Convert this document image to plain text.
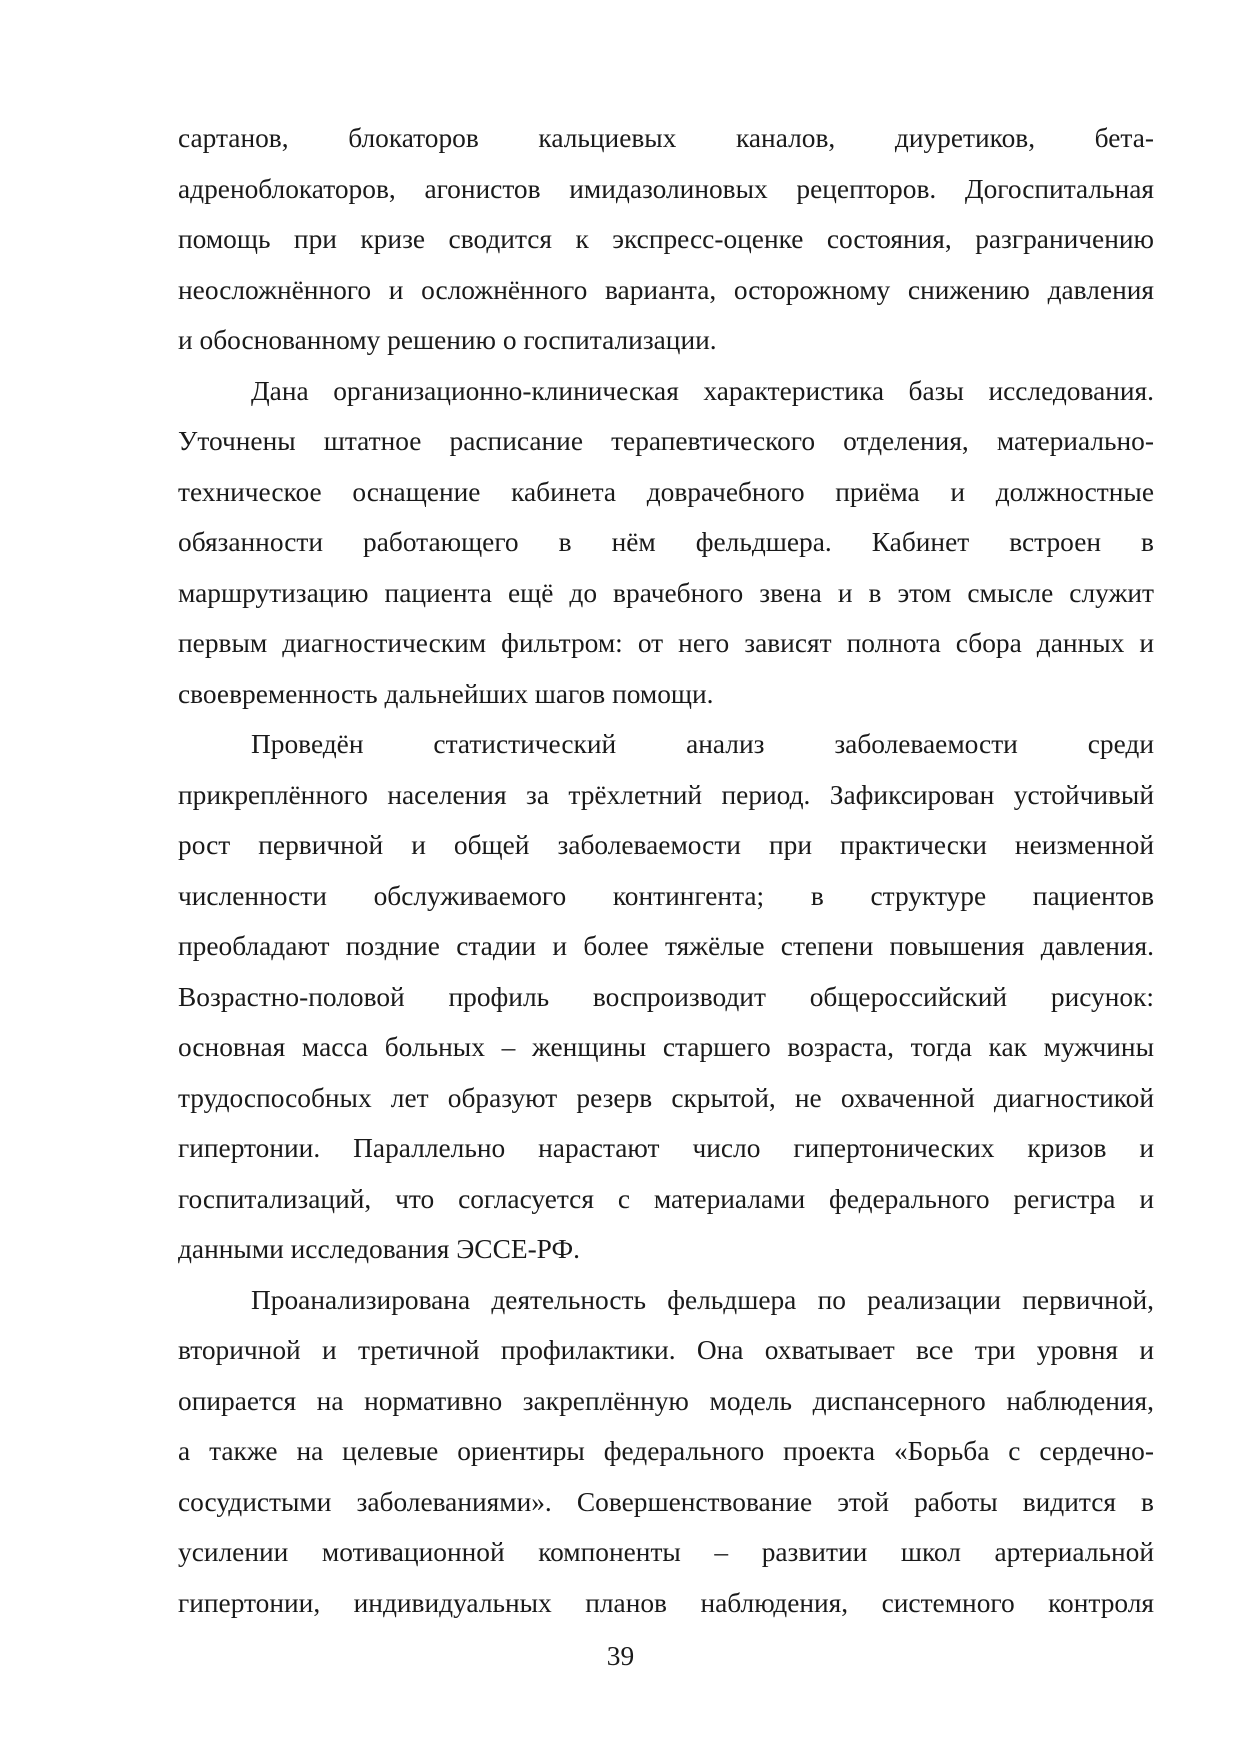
сартанов, блокаторов кальциевых каналов, диуретиков, бета-
адреноблокаторов, агонистов имидазолиновых рецепторов. Догоспитальная
помощь при кризе сводится к экспресс-оценке состояния, разграничению
неосложнённого и осложнённого варианта, осторожному снижению давления
и обоснованному решению о госпитализации.

Дана организационно-клиническая характеристика базы исследования.
Уточнены штатное расписание терапевтического отделения, материально-
техническое оснащение кабинета доврачебного приёма и должностные
обязанности работающего в нём фельдшера. Кабинет встроен в
маршрутизацию пациента ещё до врачебного звена и в этом смысле служит
первым диагностическим фильтром: от него зависят полнота сбора данных и
своевременность дальнейших шагов помощи.

Проведён статистический анализ заболеваемости среди
прикреплённого населения за трёхлетний период. Зафиксирован устойчивый
рост первичной и общей заболеваемости при практически неизменной
численности обслуживаемого контингента; в структуре пациентов
преобладают поздние стадии и более тяжёлые степени повышения давления.
Возрастно-половой профиль воспроизводит общероссийский рисунок:
основная масса больных – женщины старшего возраста, тогда как мужчины
трудоспособных лет образуют резерв скрытой, не охваченной диагностикой
гипертонии. Параллельно нарастают число гипертонических кризов и
госпитализаций, что согласуется с материалами федерального регистра и
данными исследования ЭССЕ-РФ.

Проанализирована деятельность фельдшера по реализации первичной,
вторичной и третичной профилактики. Она охватывает все три уровня и
опирается на нормативно закреплённую модель диспансерного наблюдения,
а также на целевые ориентиры федерального проекта «Борьба с сердечно-
сосудистыми заболеваниями». Совершенствование этой работы видится в
усилении мотивационной компоненты – развитии школ артериальной
гипертонии, индивидуальных планов наблюдения, системного контроля

39
